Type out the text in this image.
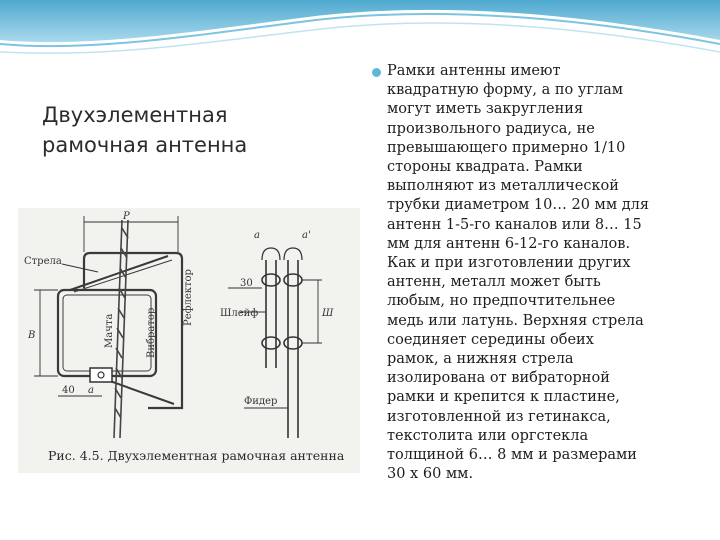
Двухэлементная
рамочная антенна
P
В
40 а
Стрела
Рефлектор
Вибратор
Мачта
а	а'
30
Ш
Шлейф
Фидер
Рис. 4.5. Двухэлементная рамочная антенна
Рамки антенны имеют
квадратную форму, а по углам
могут иметь закругления
произвольного радиуса, не
превышающего примерно 1/10
стороны квадрата. Рамки
выполняют из металлической
трубки диаметром 10… 20 мм для
антенн 1-5-го каналов или 8… 15
мм для антенн 6-12-го каналов.
Как и при изготовлении других
антенн, металл может быть
любым, но предпочтительнее
медь или латунь. Верхняя стрела
соединяет середины обеих
рамок, а нижняя стрела
изолирована от вибраторной
рамки и крепится к пластине,
изготовленной из гетинакса,
текстолита или оргстекла
толщиной 6… 8 мм и размерами
30 х 60 мм.
